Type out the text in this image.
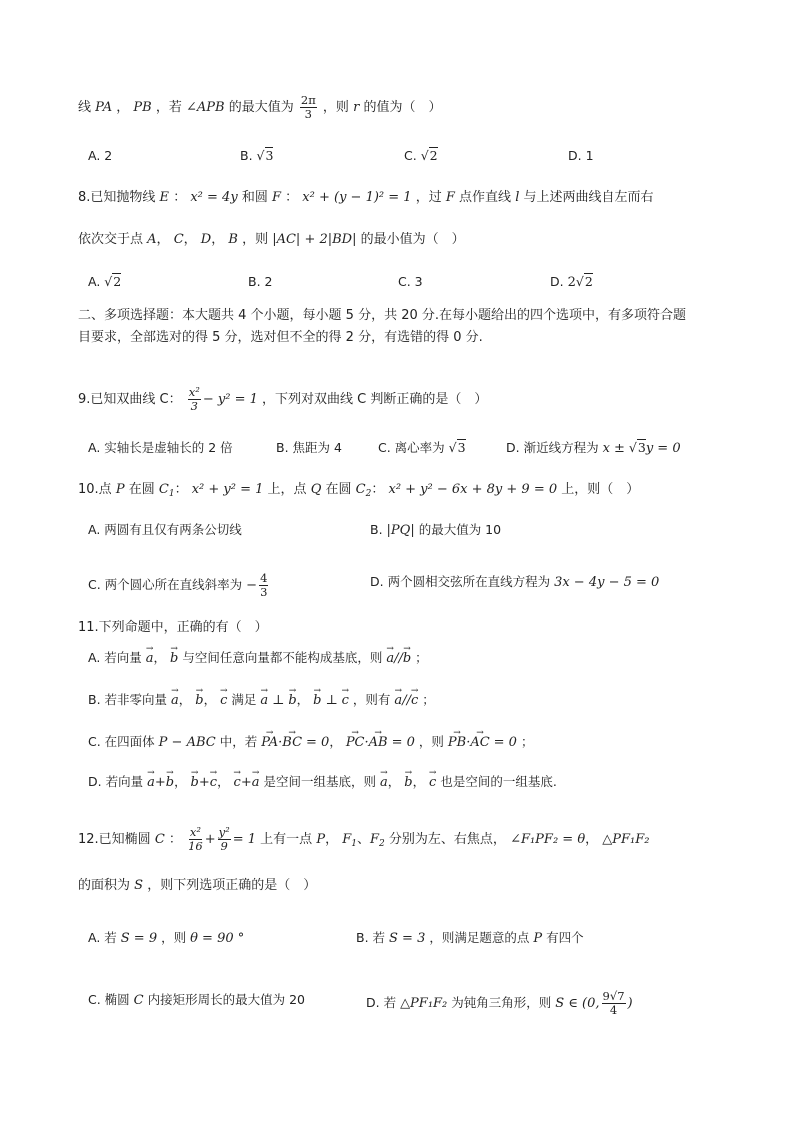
线 PA ， PB ，若 ∠APB 的最大值为 $\frac{2\pi}{3}$ ，则 r 的值为（　）
A. 2	B. √3	C. √2	D. 1
8.已知抛物线 E ： x² = 4y 和圆 F ： x² + (y − 1)² = 1 ，过 F 点作直线 l 与上述两曲线自左而右
依次交于点 A， C， D， B ，则 |AC| + 2|BD| 的最小值为（　）
A. √2	B. 2	C. 3	D. 2√2
二、多项选择题：本大题共 4 个小题，每小题 5 分，共 20 分.在每小题给出的四个选项中，有多项符合题
目要求，全部选对的得 5 分，选对但不全的得 2 分，有选错的得 0 分.
9.已知双曲线 C： $\frac{\text{x²}}{3} - y^2 = 1$ ，下列对双曲线 C 判断正确的是（　）
A. 实轴长是虚轴长的 2 倍	B. 焦距为 4	C. 离心率为 √3	D. 渐近线方程为 x ± √3y = 0
10.点 P 在圆 $C_1$： x² + y² = 1 上，点 Q 在圆 $C_2$： x² + y² − 6x + 8y + 9 = 0 上，则（　）
A. 两圆有且仅有两条公切线	B. |PQ| 的最大值为 10
C. 两个圆心所在直线斜率为 − $\frac{4}{3}$	D. 两个圆相交弦所在直线方程为 3x − 4y − 5 = 0
11.下列命题中，正确的有（　）
A. 若向量 → a， → b 与空间任意向量都不能构成基底，则 → a//→ b ；
B. 若非零向量 → a， → b， → c 满足 → a ⊥ → b， → b ⊥ → c ，则有 → a//→ c ；
C. 在四面体 P − ABC 中，若 → PA·→ BC = 0， → PC·→ AB = 0 ，则 → PB·→ AC = 0 ；
D. 若向量 → a+→ b， → b+→ c， → c+→ a 是空间一组基底，则 → a， → b， → c 也是空间的一组基底.
12.已知椭圆 C ： $\frac{\text{x²}}{16} + \frac{\text{y²}}{9} = 1$ 上有一点 P， $F_1$、$F_2$ 分别为左、右焦点， ∠F₁PF₂ = θ， △PF₁F₂
的面积为 S ，则下列选项正确的是（　）
A. 若 S = 9 ，则 θ = 90 °	B. 若 S = 3 ，则满足题意的点 P 有四个
C. 椭圆 C 内接矩形周长的最大值为 20	D. 若 △PF₁F₂ 为钝角三角形，则 S ∈ (0, $\frac{9√7}{4}$ )
